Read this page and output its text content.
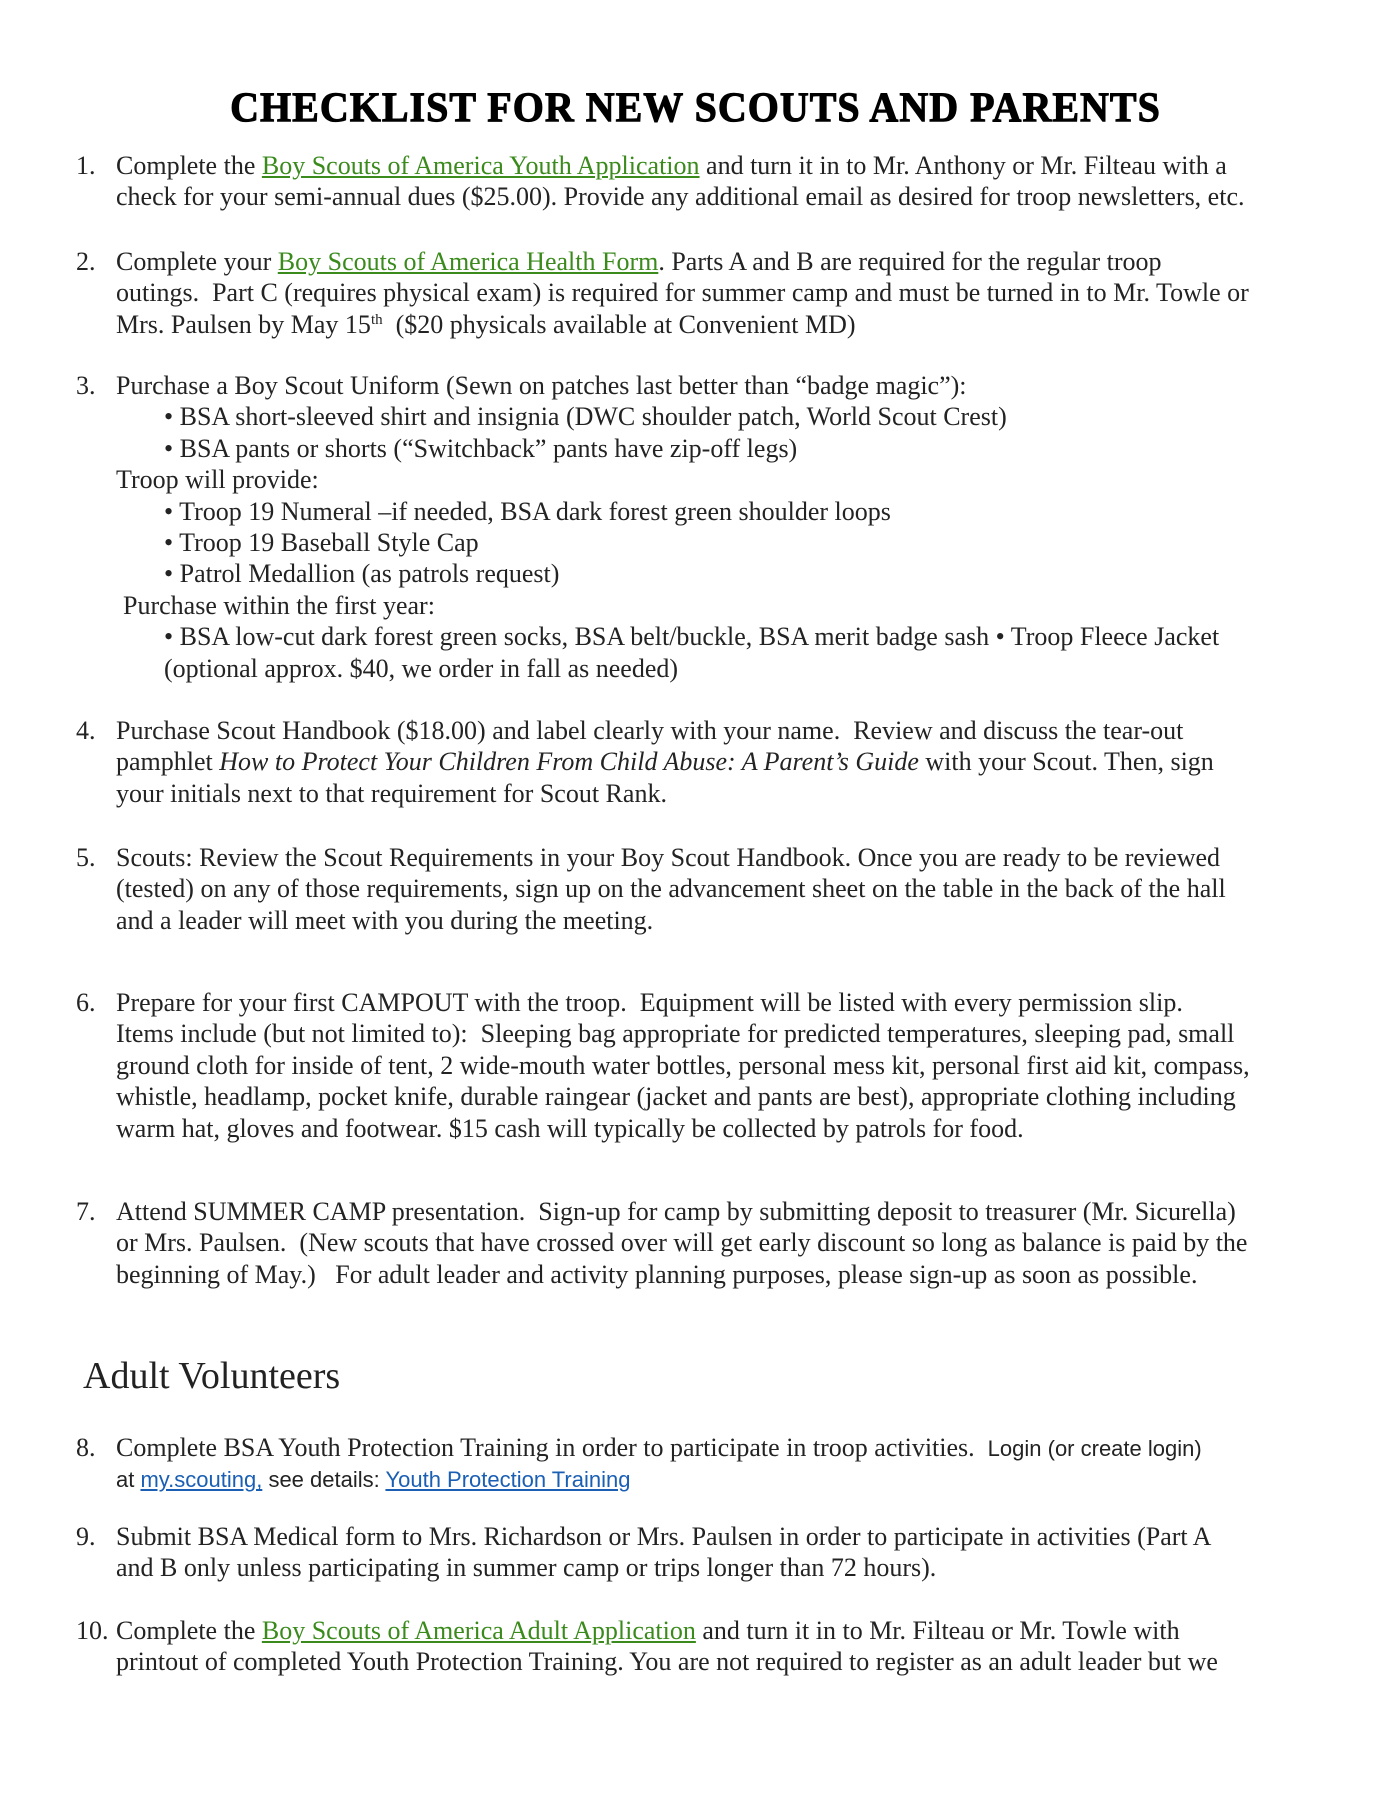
CHECKLIST FOR NEW SCOUTS AND PARENTS
1. Complete the Boy Scouts of America Youth Application and turn it in to Mr. Anthony or Mr. Filteau with a
check for your semi-annual dues ($25.00). Provide any additional email as desired for troop newsletters, etc.
2. Complete your Boy Scouts of America Health Form. Parts A and B are required for the regular troop
outings.  Part C (requires physical exam) is required for summer camp and must be turned in to Mr. Towle or
Mrs. Paulsen by May 15th  ($20 physicals available at Convenient MD)
3. Purchase a Boy Scout Uniform (Sewn on patches last better than “badge magic”):
• BSA short-sleeved shirt and insignia (DWC shoulder patch, World Scout Crest)
• BSA pants or shorts (“Switchback” pants have zip-off legs)
Troop will provide:
• Troop 19 Numeral –if needed, BSA dark forest green shoulder loops
• Troop 19 Baseball Style Cap
• Patrol Medallion (as patrols request)
Purchase within the first year:
• BSA low-cut dark forest green socks, BSA belt/buckle, BSA merit badge sash • Troop Fleece Jacket
(optional approx. $40, we order in fall as needed)
4. Purchase Scout Handbook ($18.00) and label clearly with your name.  Review and discuss the tear-out
pamphlet How to Protect Your Children From Child Abuse: A Parent’s Guide with your Scout. Then, sign
your initials next to that requirement for Scout Rank.
5. Scouts: Review the Scout Requirements in your Boy Scout Handbook. Once you are ready to be reviewed
(tested) on any of those requirements, sign up on the advancement sheet on the table in the back of the hall
and a leader will meet with you during the meeting.
6. Prepare for your first CAMPOUT with the troop.  Equipment will be listed with every permission slip.
Items include (but not limited to):  Sleeping bag appropriate for predicted temperatures, sleeping pad, small
ground cloth for inside of tent, 2 wide-mouth water bottles, personal mess kit, personal first aid kit, compass,
whistle, headlamp, pocket knife, durable raingear (jacket and pants are best), appropriate clothing including
warm hat, gloves and footwear. $15 cash will typically be collected by patrols for food.
7. Attend SUMMER CAMP presentation.  Sign-up for camp by submitting deposit to treasurer (Mr. Sicurella)
or Mrs. Paulsen.  (New scouts that have crossed over will get early discount so long as balance is paid by the
beginning of May.)   For adult leader and activity planning purposes, please sign-up as soon as possible.
8. Complete BSA Youth Protection Training in order to participate in troop activities.  Login (or create login)
at my.scouting, see details: Youth Protection Training
9. Submit BSA Medical form to Mrs. Richardson or Mrs. Paulsen in order to participate in activities (Part A
and B only unless participating in summer camp or trips longer than 72 hours).
10. Complete the Boy Scouts of America Adult Application and turn it in to Mr. Filteau or Mr. Towle with
printout of completed Youth Protection Training. You are not required to register as an adult leader but we
Adult Volunteers
